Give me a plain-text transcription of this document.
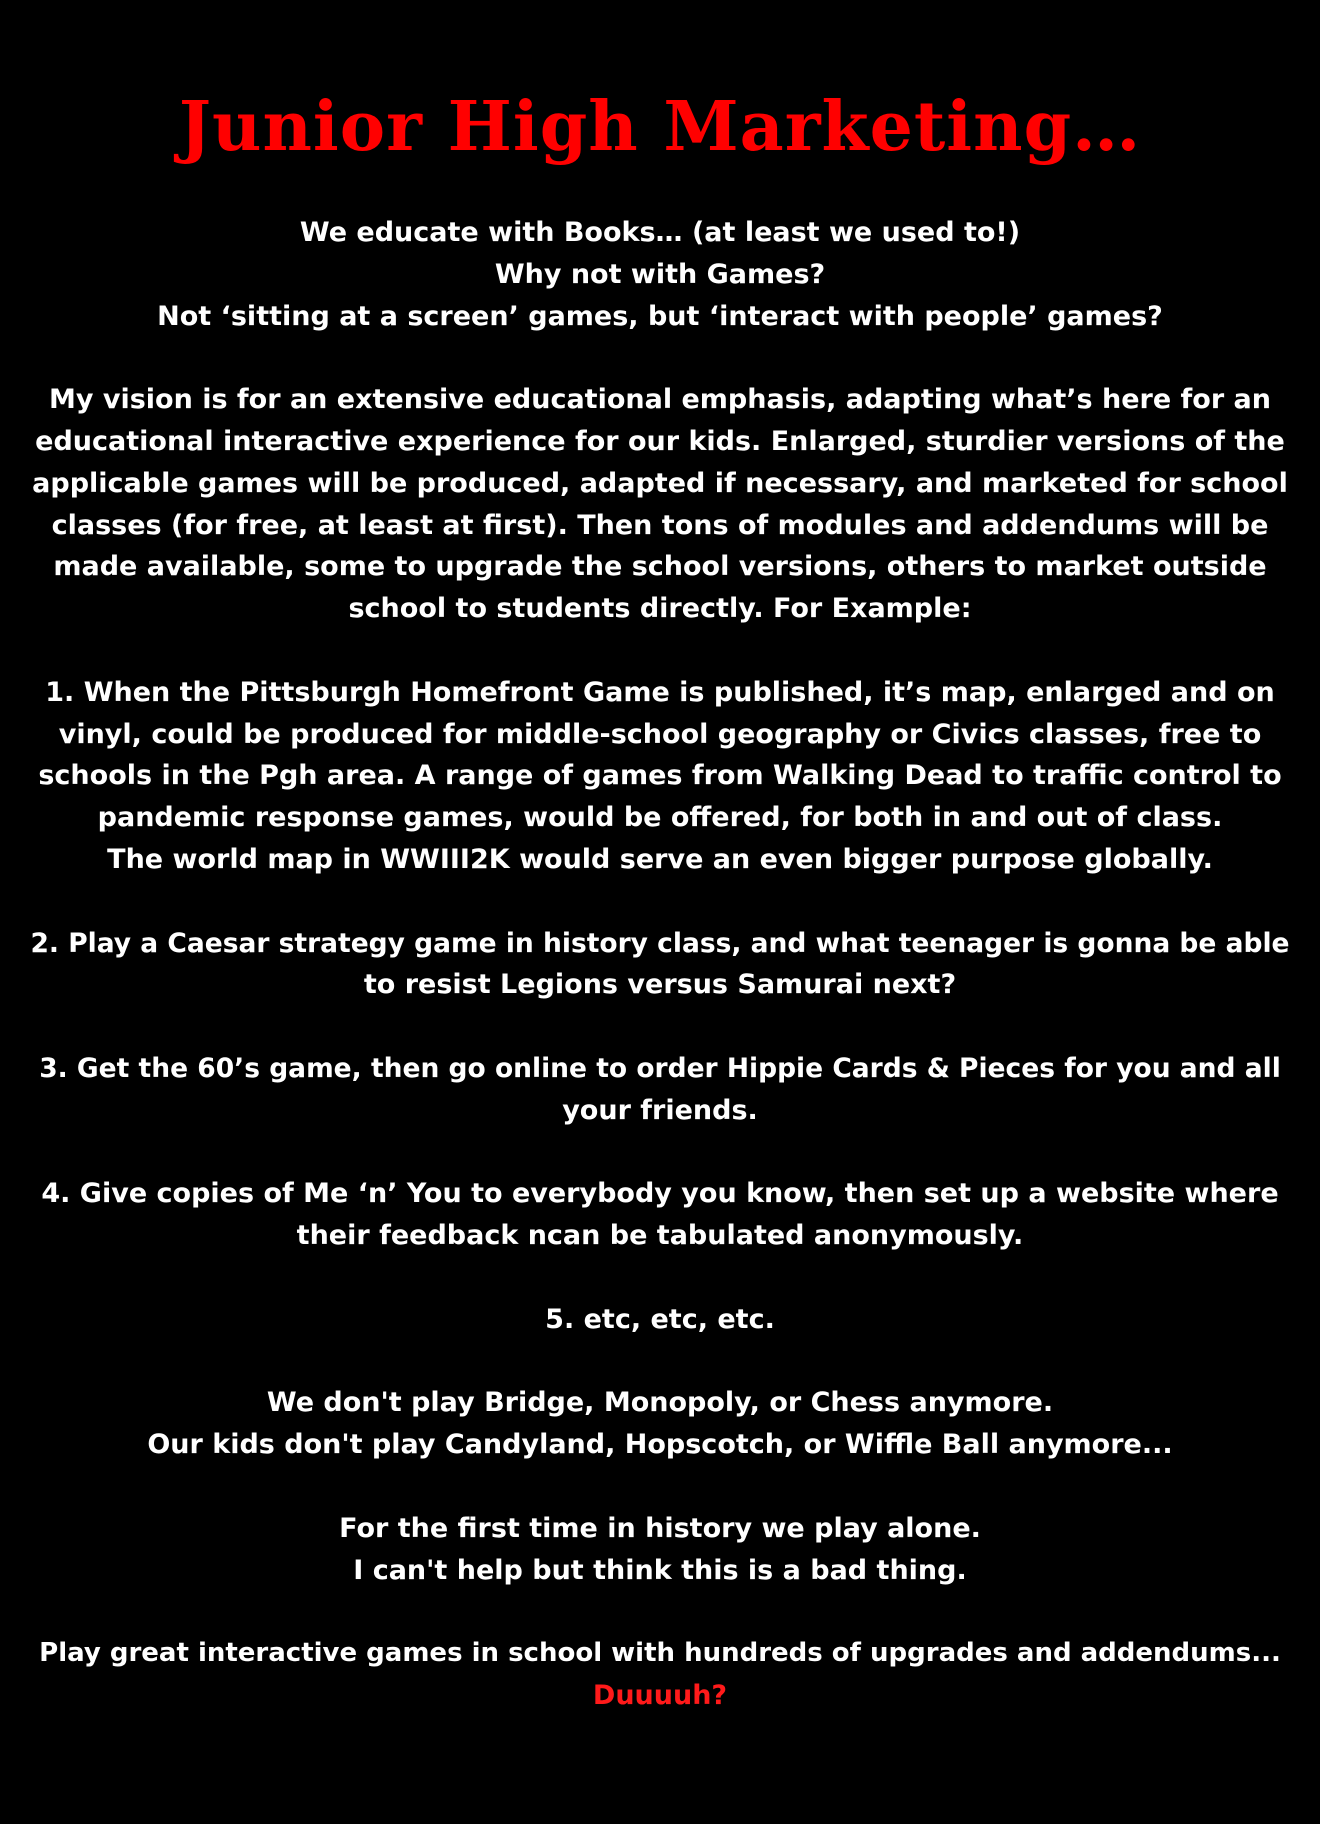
Junior High Marketing…

We educate with Books… (at least we used to!)
Why not with Games?
Not ‘sitting at a screen’ games, but ‘interact with people’ games?

My vision is for an extensive educational emphasis, adapting what’s here for an
educational interactive experience for our kids. Enlarged, sturdier versions of the
applicable games will be produced, adapted if necessary, and marketed for school
classes (for free, at least at first). Then tons of modules and addendums will be
made available, some to upgrade the school versions, others to market outside
school to students directly. For Example:

1. When the Pittsburgh Homefront Game is published, it’s map, enlarged and on
vinyl, could be produced for middle-school geography or Civics classes, free to
schools in the Pgh area. A range of games from Walking Dead to traffic control to
pandemic response games, would be offered, for both in and out of class.
The world map in WWIII2K would serve an even bigger purpose globally.

2. Play a Caesar strategy game in history class, and what teenager is gonna be able
to resist Legions versus Samurai next?

3. Get the 60’s game, then go online to order Hippie Cards & Pieces for you and all
your friends.

4. Give copies of Me ‘n’ You to everybody you know, then set up a website where
their feedback ncan be tabulated anonymously.

5. etc, etc, etc.

We don't play Bridge, Monopoly, or Chess anymore.
Our kids don't play Candyland, Hopscotch, or Wiffle Ball anymore...

For the first time in history we play alone.
I can't help but think this is a bad thing.

Play great interactive games in school with hundreds of upgrades and addendums...
Duuuuh?
